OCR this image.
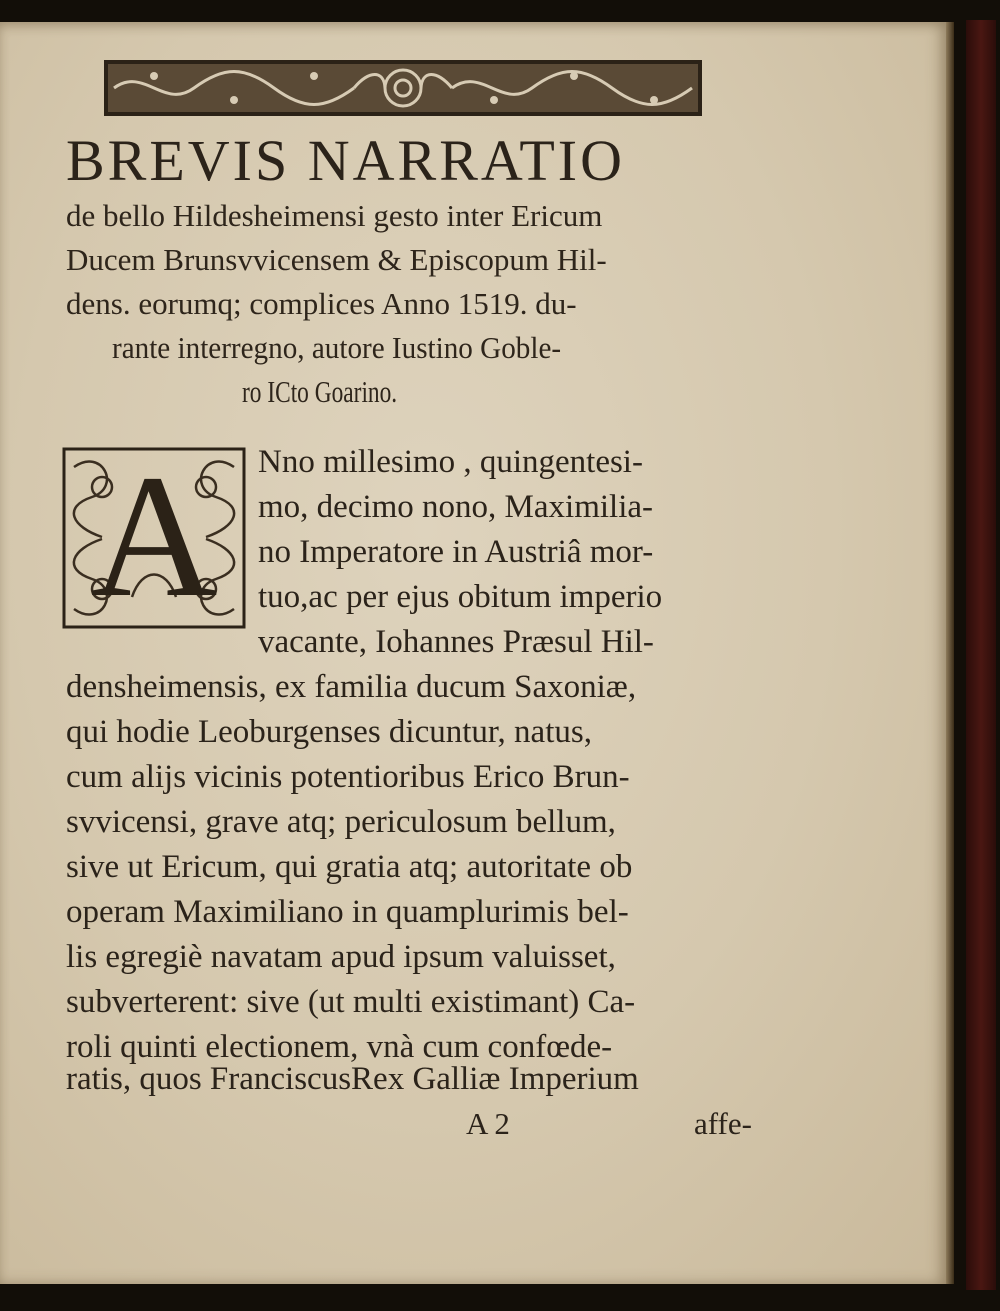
BREVIS NARRATIO
de bello Hildesheimensi gesto inter Ericum
Ducem Brunsvvicensem & Episcopum Hil-
dens. eorumq; complices Anno 1519. du-
rante interregno, autore Iustino Goble-
ro ICto Goarino.
A	Nno millesimo , quingentesi-
mo, decimo nono, Maximilia-
no Imperatore in Austriâ mor-
tuo,ac per ejus obitum imperio
vacante, Iohannes Præsul Hil-
densheimensis, ex familia ducum Saxoniæ,
qui hodie Leoburgenses dicuntur, natus,
cum alijs vicinis potentioribus Erico Brun-
svvicensi, grave atq; periculosum bellum,
sive ut Ericum, qui gratia atq; autoritate ob
operam Maximiliano in quamplurimis bel-
lis egregiè navatam apud ipsum valuisset,
subverterent: sive (ut multi existimant) Ca-
roli quinti electionem, vnà cum confœde-
ratis, quos FranciscusRex Galliæ Imperium
A 2	affe-
